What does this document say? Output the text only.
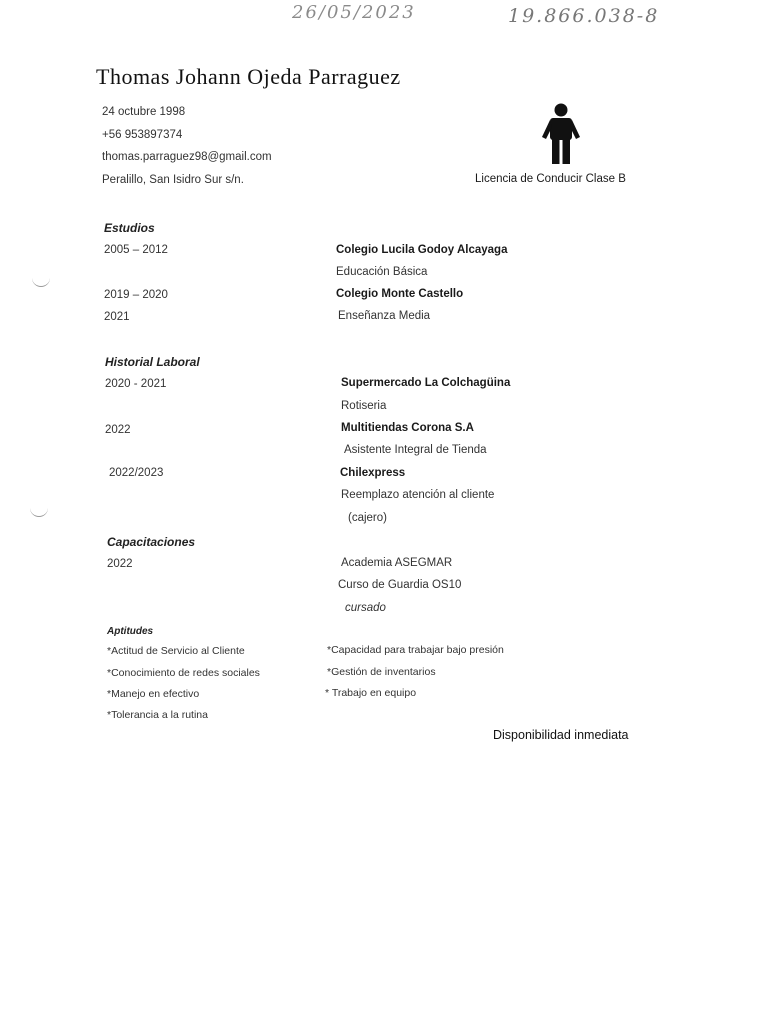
26/05/2023	19.866.038-8
Thomas Johann Ojeda Parraguez
24 octubre 1998
+56 953897374
thomas.parraguez98@gmail.com
Peralillo, San Isidro Sur s/n.	Licencia de Conducir Clase B
Estudios
2005 – 2012	Colegio Lucila Godoy Alcayaga
Educación Básica
2019 – 2020	Colegio Monte Castello
2021	Enseñanza Media
Historial Laboral
2020 - 2021	Supermercado La Colchagüina
Rotiseria
2022	Multitiendas Corona S.A
Asistente Integral de Tienda
2022/2023	Chilexpress
Reemplazo atención al cliente
(cajero)
Capacitaciones
2022	Academia ASEGMAR
Curso de Guardia OS10
cursado
Aptitudes
*Actitud de Servicio al Cliente
*Conocimiento de redes sociales
*Manejo en efectivo
*Tolerancia a la rutina
*Capacidad para trabajar bajo presión
*Gestión de inventarios
* Trabajo en equipo
Disponibilidad inmediata
